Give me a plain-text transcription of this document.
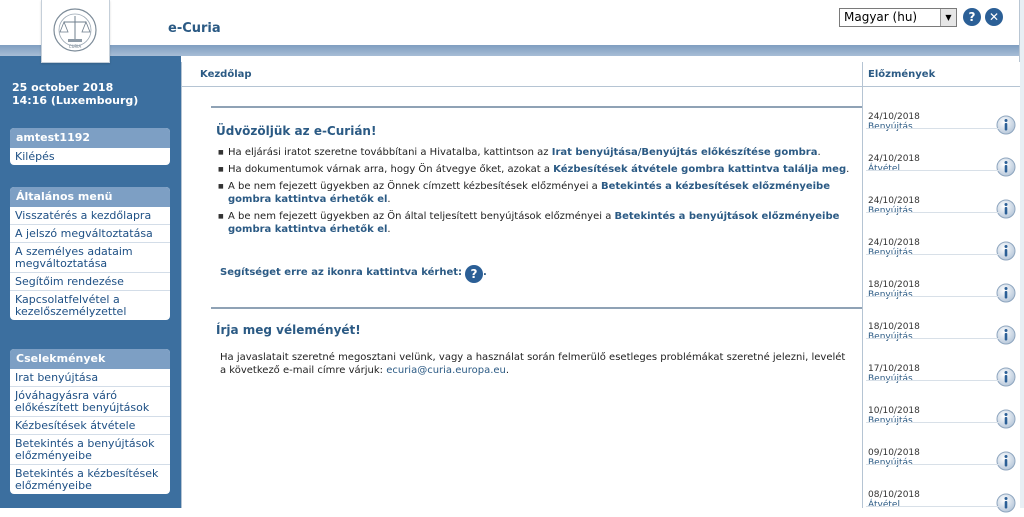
CURIA
e-Curia
Magyar (hu)	▼	?	✕
25 october 2018
14:16 (Luxembourg)
amtest1192
Kilépés
Általános menü
Visszatérés a kezdőlapra
A jelszó megváltoztatása
A személyes adataim megváltoztatása
Segítőim rendezése
Kapcsolatfelvétel a kezelőszemélyzettel
Cselekmények
Irat benyújtása
Jóváhagyásra váró előkészített benyújtások
Kézbesítések átvétele
Betekintés a benyújtások előzményeibe
Betekintés a kézbesítések előzményeibe
Kezdőlap
Üdvözöljük az e-Curián!
■ Ha eljárási iratot szeretne továbbítani a Hivatalba, kattintson az Irat benyújtása/Benyújtás előkészítése gombra.
■ Ha dokumentumok várnak arra, hogy Ön átvegye őket, azokat a Kézbesítések átvétele gombra kattintva találja meg.
■ A be nem fejezett ügyekben az Önnek címzett kézbesítések előzményei a Betekintés a kézbesítések előzményeibe gombra kattintva érhetők el.
■ A be nem fejezett ügyekben az Ön által teljesített benyújtások előzményei a Betekintés a benyújtások előzményeibe gombra kattintva érhetők el.
Segítséget erre az ikonra kattintva kérhet: ? .
Írja meg véleményét!
Ha javaslatait szeretné megosztani velünk, vagy a használat során felmerülő esetleges problémákat szeretné jelezni, levelét a következő e-mail címre várjuk: ecuria@curia.europa.eu.
Előzmények
24/10/2018
Benyújtás
24/10/2018
Átvétel
24/10/2018
Benyújtás
24/10/2018
Benyújtás
18/10/2018
Benyújtás
18/10/2018
Benyújtás
17/10/2018
Benyújtás
10/10/2018
Benyújtás
09/10/2018
Benyújtás
08/10/2018
Átvétel
